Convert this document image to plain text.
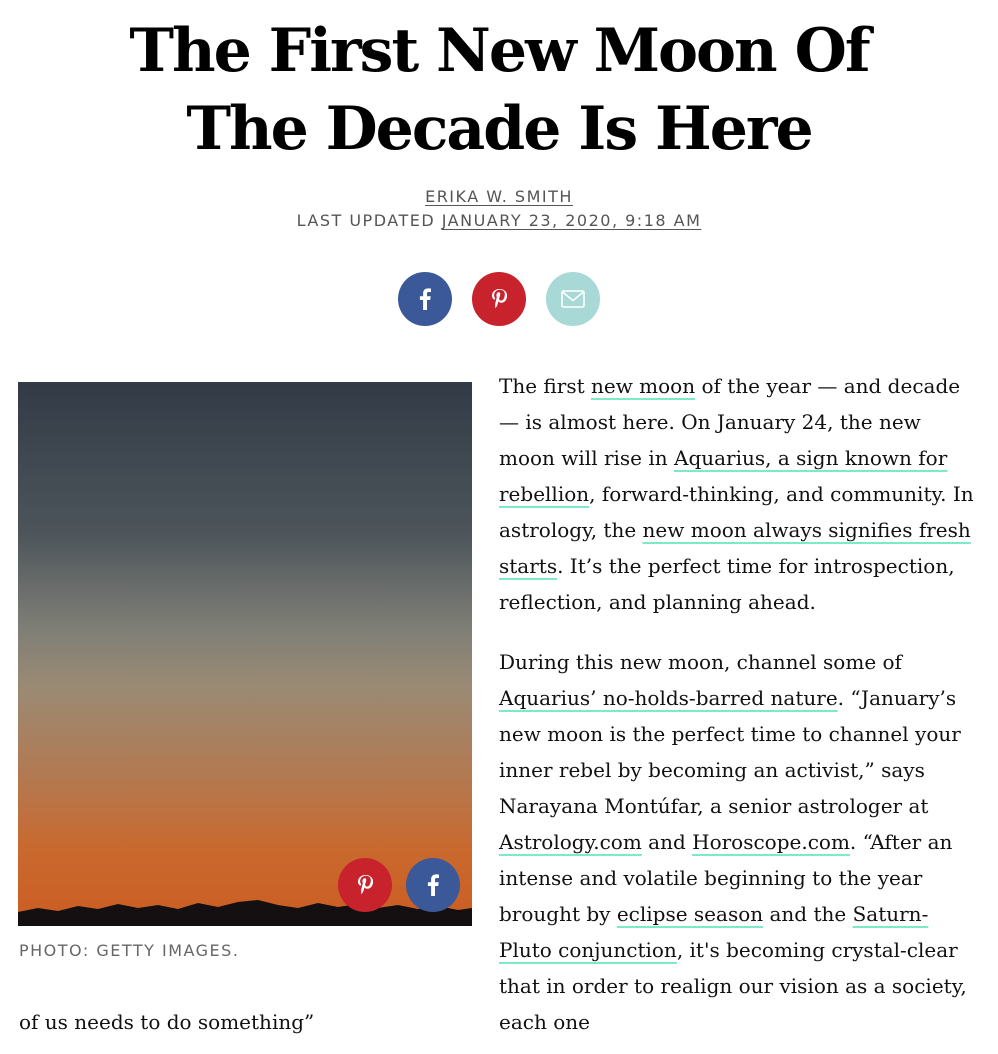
The First New Moon Of The Decade Is Here
ERIKA W. SMITH
LAST UPDATED JANUARY 23, 2020, 9:18 AM
PHOTO: GETTY IMAGES.

The first new moon of the year — and decade — is almost here. On January 24, the new moon will rise in Aquarius, a sign known for rebellion, forward-thinking, and community. In astrology, the new moon always signifies fresh starts. It’s the perfect time for introspection, reflection, and planning ahead.

During this new moon, channel some of Aquarius’ no-holds-barred nature. “January’s new moon is the perfect time to channel your inner rebel by becoming an activist,” says Narayana Montúfar, a senior astrologer at Astrology.com and Horoscope.com. “After an intense and volatile beginning to the year brought by eclipse season and the Saturn-Pluto conjunction, it's becoming crystal-clear that in order to realign our vision as a society, each one

of us needs to do something”
